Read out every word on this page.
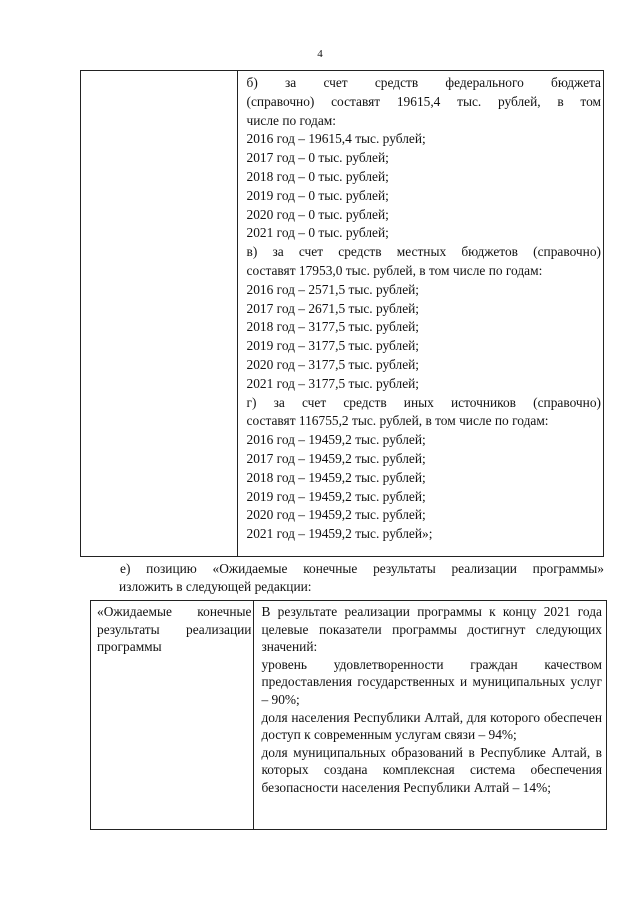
4

б) за счет средств федерального бюджета
(справочно) составят 19615,4 тыс. рублей, в том
числе по годам:
2016 год – 19615,4 тыс. рублей;
2017 год – 0 тыс. рублей;
2018 год – 0 тыс. рублей;
2019 год – 0 тыс. рублей;
2020 год – 0 тыс. рублей;
2021 год – 0 тыс. рублей;
в) за счет средств местных бюджетов (справочно)
составят 17953,0 тыс. рублей, в том числе по годам:
2016 год – 2571,5 тыс. рублей;
2017 год – 2671,5 тыс. рублей;
2018 год – 3177,5 тыс. рублей;
2019 год – 3177,5 тыс. рублей;
2020 год – 3177,5 тыс. рублей;
2021 год – 3177,5 тыс. рублей;
г) за счет средств иных источников (справочно)
составят 116755,2 тыс. рублей, в том числе по годам:
2016 год – 19459,2 тыс. рублей;
2017 год – 19459,2 тыс. рублей;
2018 год – 19459,2 тыс. рублей;
2019 год – 19459,2 тыс. рублей;
2020 год – 19459,2 тыс. рублей;
2021 год – 19459,2 тыс. рублей»;
е) позицию «Ожидаемые конечные результаты реализации программы»
изложить в следующей редакции:
«Ожидаемые конечные результаты реализации программы

В результате реализации программы к концу 2021 года целевые показатели программы достигнут следующих значений:
уровень удовлетворенности граждан качеством предоставления государственных и муниципальных услуг – 90%;
доля населения Республики Алтай, для которого обеспечен доступ к современным услугам связи – 94%;
доля муниципальных образований в Республике Алтай, в которых создана комплексная система обеспечения безопасности населения Республики Алтай – 14%;
